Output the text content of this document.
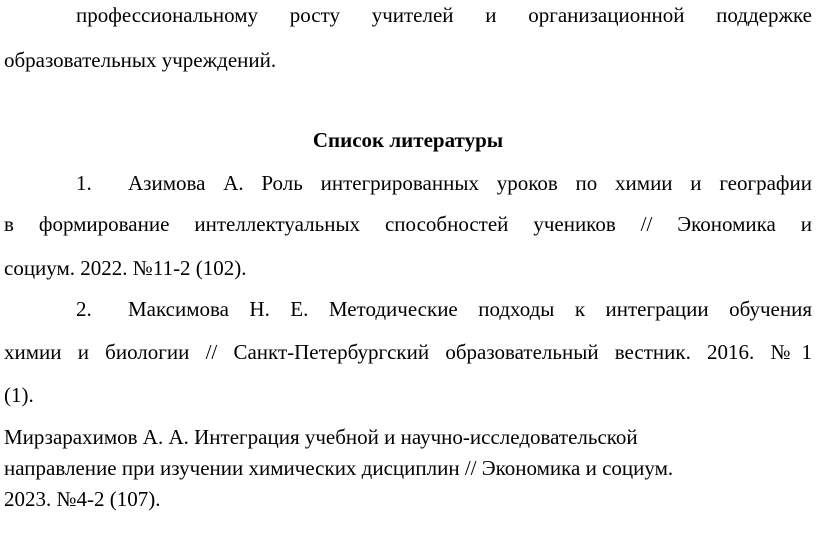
профессиональному росту учителей и организационной поддержке
образовательных учреждений.
Список литературы
1.	Азимова А. Роль интегрированных уроков по химии и географии
в формирование интеллектуальных способностей учеников // Экономика и
социум. 2022. №11-2 (102).
2.	Максимова Н. Е. Методические подходы к интеграции обучения
химии и биологии // Санкт-Петербургский образовательный вестник. 2016. №1
(1).
Мирзарахимов А. А. Интеграция учебной и научно-исследовательской
направление при изучении химических дисциплин // Экономика и социум.
2023. №4-2 (107).
